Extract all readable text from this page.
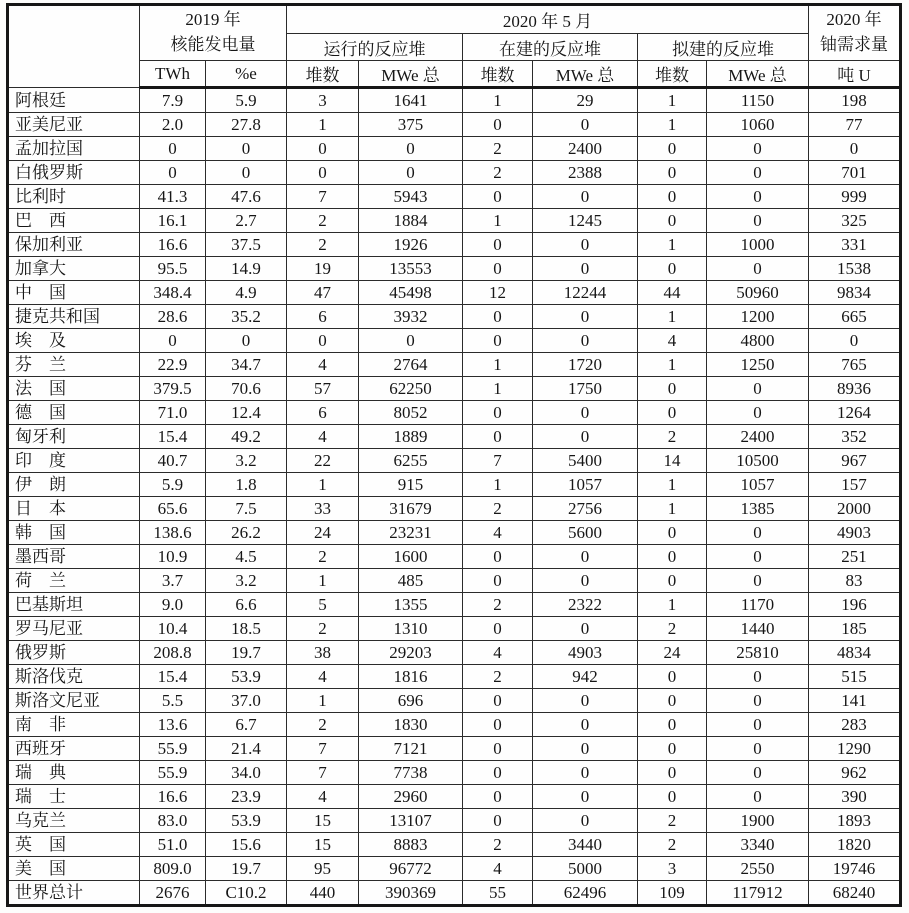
2019 年
核能发电量
	2020 年 5 月	2020 年
铀需求量

			运行的反应堆		在建的反应堆		拟建的反应堆		
	TWh	%e	堆数	MWe 总	堆数	MWe 总	堆数	MWe 总	吨 U
阿根廷	7.9	5.9	3	1641	1	29	1	1150	198
亚美尼亚	2.0	27.8	1	375	0	0	1	1060	77
孟加拉国	0	0	0	0	2	2400	0	0	0
白俄罗斯	0	0	0	0	2	2388	0	0	701
比利时	41.3	47.6	7	5943	0	0	0	0	999
巴　西	16.1	2.7	2	1884	1	1245	0	0	325
保加利亚	16.6	37.5	2	1926	0	0	1	1000	331
加拿大	95.5	14.9	19	13553	0	0	0	0	1538
中　国	348.4	4.9	47	45498	12	12244	44	50960	9834
捷克共和国	28.6	35.2	6	3932	0	0	1	1200	665
埃　及	0	0	0	0	0	0	4	4800	0
芬　兰	22.9	34.7	4	2764	1	1720	1	1250	765
法　国	379.5	70.6	57	62250	1	1750	0	0	8936
德　国	71.0	12.4	6	8052	0	0	0	0	1264
匈牙利	15.4	49.2	4	1889	0	0	2	2400	352
印　度	40.7	3.2	22	6255	7	5400	14	10500	967
伊　朗	5.9	1.8	1	915	1	1057	1	1057	157
日　本	65.6	7.5	33	31679	2	2756	1	1385	2000
韩　国	138.6	26.2	24	23231	4	5600	0	0	4903
墨西哥	10.9	4.5	2	1600	0	0	0	0	251
荷　兰	3.7	3.2	1	485	0	0	0	0	83
巴基斯坦	9.0	6.6	5	1355	2	2322	1	1170	196
罗马尼亚	10.4	18.5	2	1310	0	0	2	1440	185
俄罗斯	208.8	19.7	38	29203	4	4903	24	25810	4834
斯洛伐克	15.4	53.9	4	1816	2	942	0	0	515
斯洛文尼亚	5.5	37.0	1	696	0	0	0	0	141
南　非	13.6	6.7	2	1830	0	0	0	0	283
西班牙	55.9	21.4	7	7121	0	0	0	0	1290
瑞　典	55.9	34.0	7	7738	0	0	0	0	962
瑞　士	16.6	23.9	4	2960	0	0	0	0	390
乌克兰	83.0	53.9	15	13107	0	0	2	1900	1893
英　国	51.0	15.6	15	8883	2	3440	2	3340	1820
美　国	809.0	19.7	95	96772	4	5000	3	2550	19746
世界总计	2676	C10.2	440	390369	55	62496	109	117912	68240
